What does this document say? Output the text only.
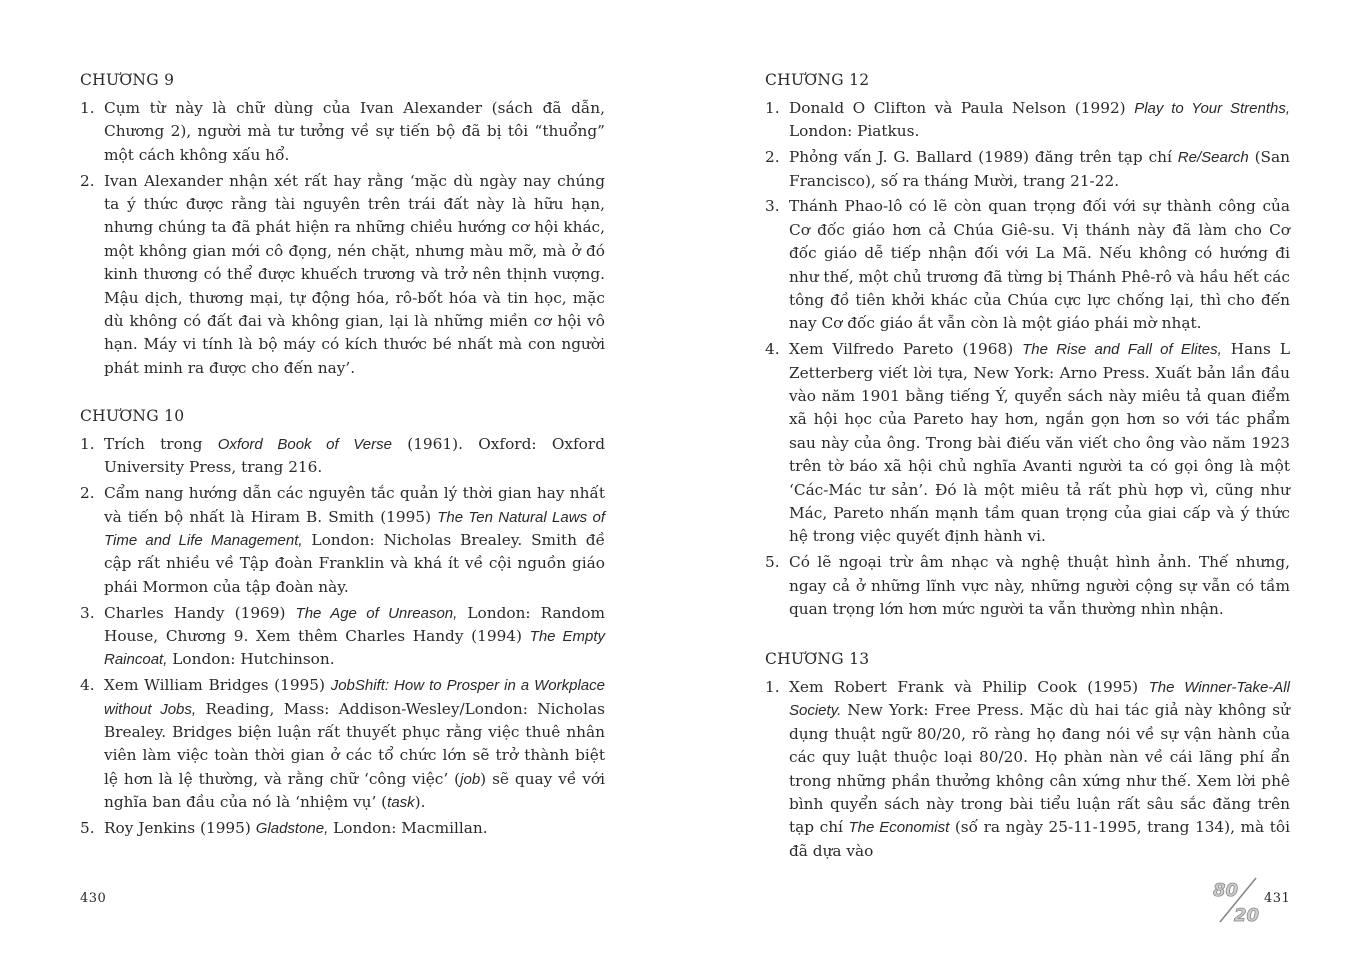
CHƯƠNG 9
1. Cụm từ này là chữ dùng của Ivan Alexander (sách đã dẫn, Chương 2), người mà tư tưởng về sự tiến bộ đã bị tôi “thuổng” một cách không xấu hổ.
2. Ivan Alexander nhận xét rất hay rằng ‘mặc dù ngày nay chúng ta ý thức được rằng tài nguyên trên trái đất này là hữu hạn, nhưng chúng ta đã phát hiện ra những chiều hướng cơ hội khác, một không gian mới cô đọng, nén chặt, nhưng màu mỡ, mà ở đó kinh thương có thể được khuếch trương và trở nên thịnh vượng. Mậu dịch, thương mại, tự động hóa, rô-bốt hóa và tin học, mặc dù không có đất đai và không gian, lại là những miền cơ hội vô hạn. Máy vi tính là bộ máy có kích thước bé nhất mà con người phát minh ra được cho đến nay’.
CHƯƠNG 10
1. Trích trong Oxford Book of Verse (1961). Oxford: Oxford University Press, trang 216.
2. Cẩm nang hướng dẫn các nguyên tắc quản lý thời gian hay nhất và tiến bộ nhất là Hiram B. Smith (1995) The Ten Natural Laws of Time and Life Management, London: Nicholas Brealey. Smith đề cập rất nhiều về Tập đoàn Franklin và khá ít về cội nguồn giáo phái Mormon của tập đoàn này.
3. Charles Handy (1969) The Age of Unreason, London: Random House, Chương 9. Xem thêm Charles Handy (1994) The Empty Raincoat, London: Hutchinson.
4. Xem William Bridges (1995) JobShift: How to Prosper in a Workplace without Jobs, Reading, Mass: Addison-Wesley/London: Nicholas Brealey. Bridges biện luận rất thuyết phục rằng việc thuê nhân viên làm việc toàn thời gian ở các tổ chức lớn sẽ trở thành biệt lệ hơn là lệ thường, và rằng chữ ‘công việc’ (job) sẽ quay về với nghĩa ban đầu của nó là ‘nhiệm vụ’ (task).
5. Roy Jenkins (1995) Gladstone, London: Macmillan.
430
CHƯƠNG 12
1. Donald O Clifton và Paula Nelson (1992) Play to Your Strenths, London: Piatkus.
2. Phỏng vấn J. G. Ballard (1989) đăng trên tạp chí Re/Search (San Francisco), số ra tháng Mười, trang 21-22.
3. Thánh Phao-lô có lẽ còn quan trọng đối với sự thành công của Cơ đốc giáo hơn cả Chúa Giê-su. Vị thánh này đã làm cho Cơ đốc giáo dễ tiếp nhận đối với La Mã. Nếu không có hướng đi như thế, một chủ trương đã từng bị Thánh Phê-rô và hầu hết các tông đồ tiên khởi khác của Chúa cực lực chống lại, thì cho đến nay Cơ đốc giáo ắt vẫn còn là một giáo phái mờ nhạt.
4. Xem Vilfredo Pareto (1968) The Rise and Fall of Elites, Hans L Zetterberg viết lời tựa, New York: Arno Press. Xuất bản lần đầu vào năm 1901 bằng tiếng Ý, quyển sách này miêu tả quan điểm xã hội học của Pareto hay hơn, ngắn gọn hơn so với tác phẩm sau này của ông. Trong bài điếu văn viết cho ông vào năm 1923 trên tờ báo xã hội chủ nghĩa Avanti người ta có gọi ông là một ‘Các-Mác tư sản’. Đó là một miêu tả rất phù hợp vì, cũng như Mác, Pareto nhấn mạnh tầm quan trọng của giai cấp và ý thức hệ trong việc quyết định hành vi.
5. Có lẽ ngoại trừ âm nhạc và nghệ thuật hình ảnh. Thế nhưng, ngay cả ở những lĩnh vực này, những người cộng sự vẫn có tầm quan trọng lớn hơn mức người ta vẫn thường nhìn nhận.
CHƯƠNG 13
1. Xem Robert Frank và Philip Cook (1995) The Winner-Take-All Society. New York: Free Press. Mặc dù hai tác giả này không sử dụng thuật ngữ 80/20, rõ ràng họ đang nói về sự vận hành của các quy luật thuộc loại 80/20. Họ phàn nàn về cái lãng phí ẩn trong những phần thưởng không cân xứng như thế. Xem lời phê bình quyển sách này trong bài tiểu luận rất sâu sắc đăng trên tạp chí The Economist (số ra ngày 25-11-1995, trang 134), mà tôi đã dựa vào
80
20
431
